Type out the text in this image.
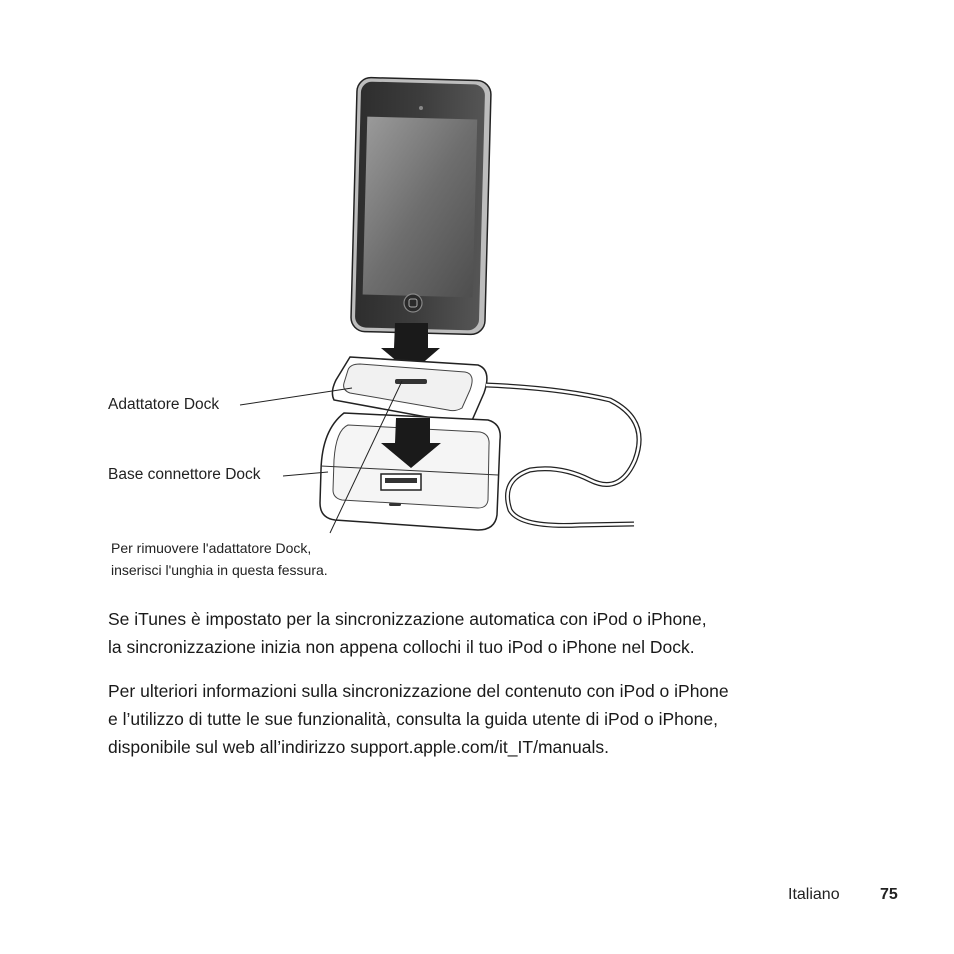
Adattatore Dock
Base connettore Dock
Per rimuovere l'adattatore Dock,
inserisci l'unghia in questa fessura.
Se iTunes è impostato per la sincronizzazione automatica con iPod o iPhone,
la sincronizzazione inizia non appena collochi il tuo iPod o iPhone nel Dock.
Per ulteriori informazioni sulla sincronizzazione del contenuto con iPod o iPhone
e l’utilizzo di tutte le sue funzionalità, consulta la guida utente di iPod o iPhone,
disponibile sul web all’indirizzo support.apple.com/it_IT/manuals.
Italiano	75
